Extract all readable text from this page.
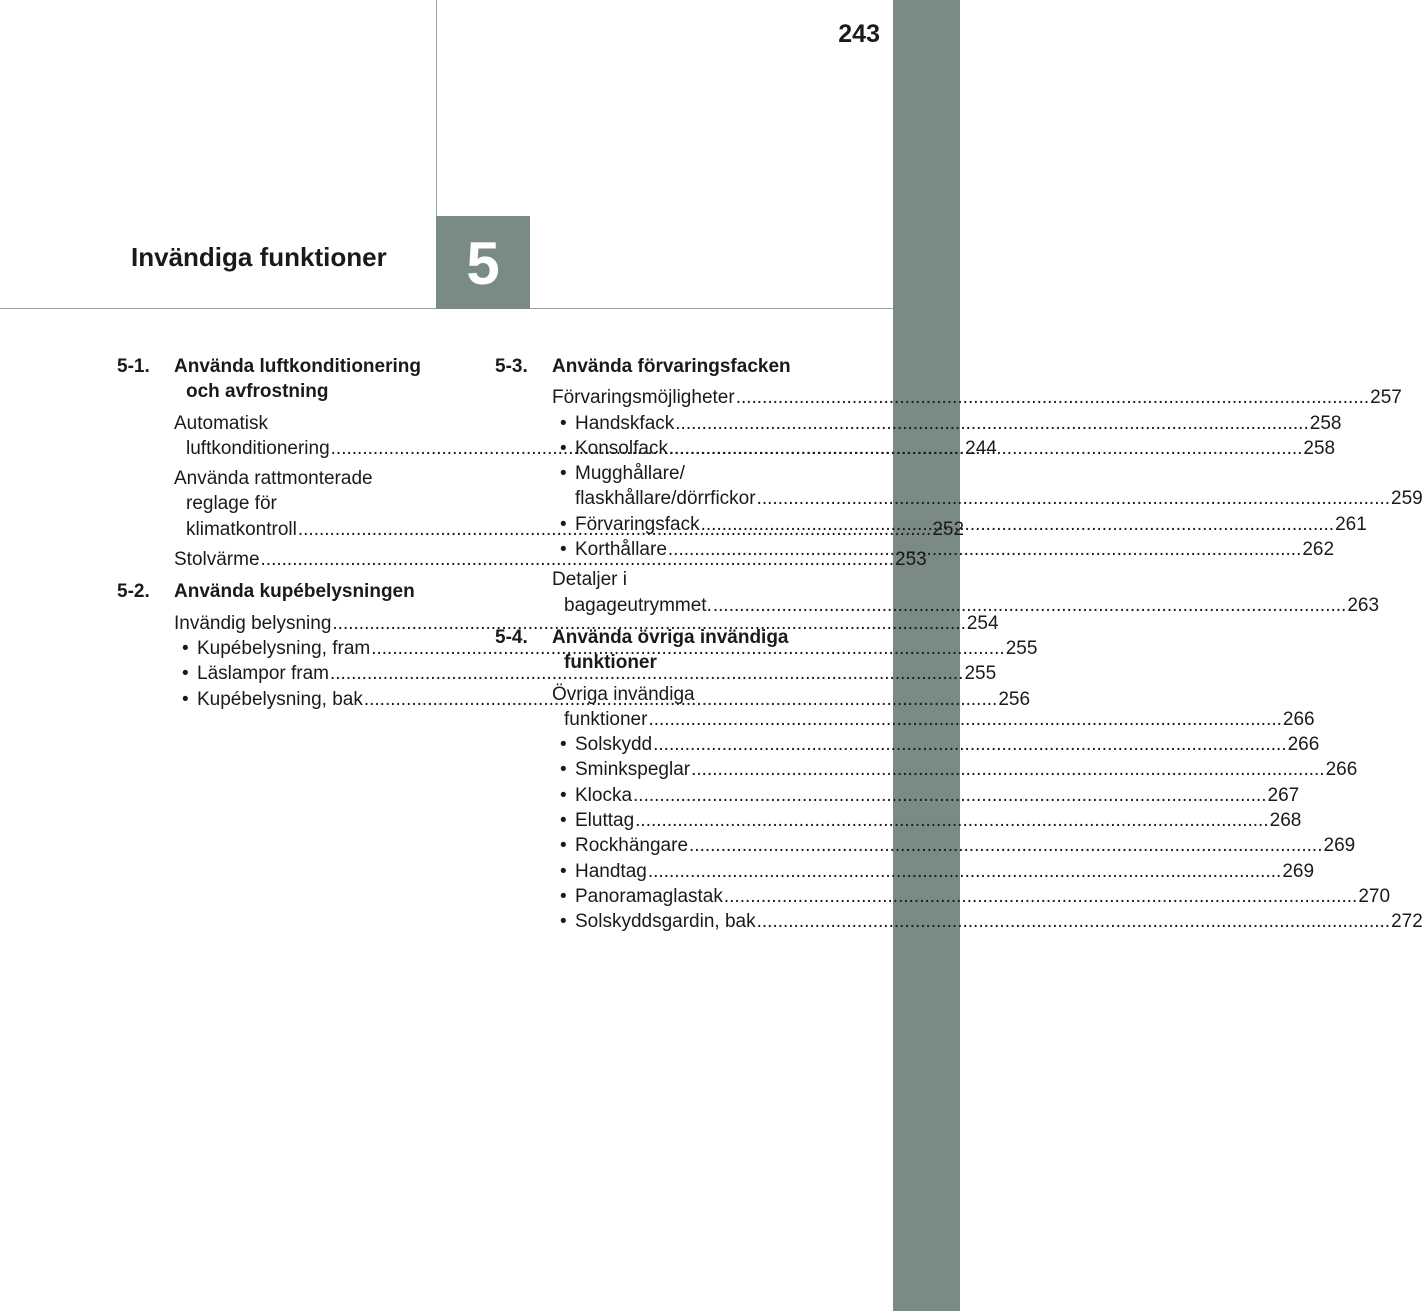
243
5
Invändiga funktioner
5-1.	Använda luftkonditionering
och avfrostning
Automatisk
luftkonditionering .....	244
Använda rattmonterade
reglage för
klimatkontroll .....	252
Stolvärme .....	253
5-2.	Använda kupébelysningen
Invändig belysning .....	254
• Kupébelysning, fram .....	255
• Läslampor fram .....	255
• Kupébelysning, bak .....	256
5-3.	Använda förvaringsfacken
Förvaringsmöjligheter .....	257
• Handskfack .....	258
• Konsolfack .....	258
• Mugghållare/
flaskhållare/dörrfickor .....	259
• Förvaringsfack .....	261
• Korthållare .....	262
Detaljer i
bagageutrymmet. .....	263
5-4.	Använda övriga invändiga
funktioner
Övriga invändiga
funktioner .....	266
• Solskydd .....	266
• Sminkspeglar .....	266
• Klocka .....	267
• Eluttag .....	268
• Rockhängare .....	269
• Handtag .....	269
• Panoramaglastak .....	270
• Solskyddsgardin, bak .....	272
